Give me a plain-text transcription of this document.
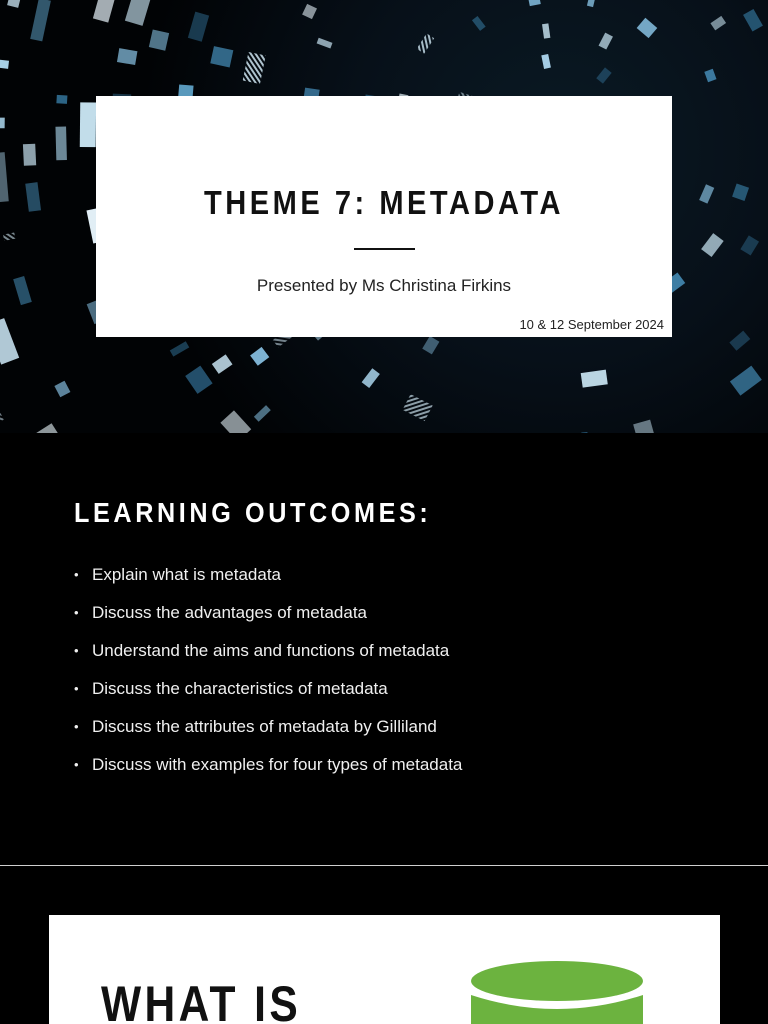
THEME 7: METADATA
Presented by Ms Christina Firkins
10 & 12 September 2024
LEARNING OUTCOMES:
• Explain what is metadata
• Discuss the advantages of metadata
• Understand the aims and functions of metadata
• Discuss the characteristics of metadata
• Discuss the attributes of metadata by Gilliland
• Discuss with examples for four types of metadata
WHAT IS
